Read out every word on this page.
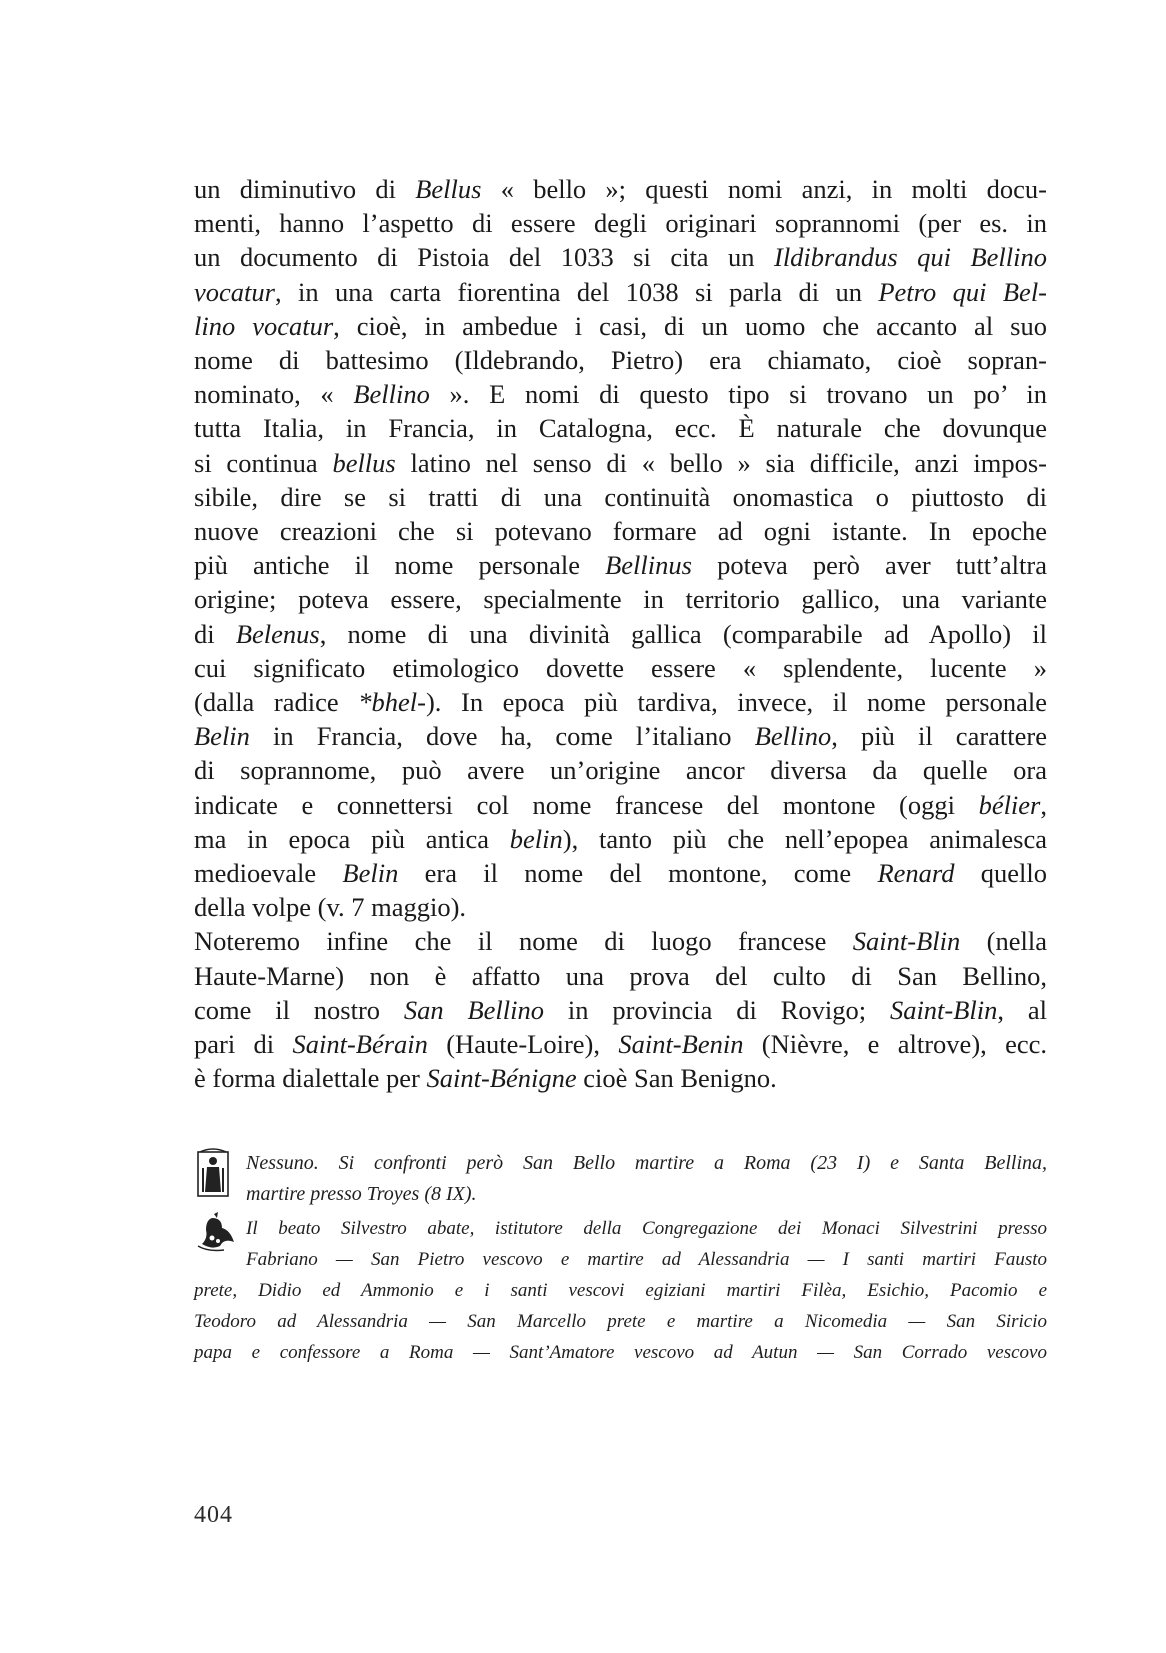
un diminutivo di Bellus « bello »; questi nomi anzi, in molti docu-
menti, hanno l’aspetto di essere degli originari soprannomi (per es. in
un documento di Pistoia del 1033 si cita un Ildibrandus qui Bellino
vocatur, in una carta fiorentina del 1038 si parla di un Petro qui Bel-
lino vocatur, cioè, in ambedue i casi, di un uomo che accanto al suo
nome di battesimo (Ildebrando, Pietro) era chiamato, cioè sopran-
nominato, « Bellino ». E nomi di questo tipo si trovano un po’ in
tutta Italia, in Francia, in Catalogna, ecc. È naturale che dovunque
si continua bellus latino nel senso di « bello » sia difficile, anzi impos-
sibile, dire se si tratti di una continuità onomastica o piuttosto di
nuove creazioni che si potevano formare ad ogni istante. In epoche
più antiche il nome personale Bellinus poteva però aver tutt’altra
origine; poteva essere, specialmente in territorio gallico, una variante
di Belenus, nome di una divinità gallica (comparabile ad Apollo) il
cui significato etimologico dovette essere « splendente, lucente »
(dalla radice *bhel-). In epoca più tardiva, invece, il nome personale
Belin in Francia, dove ha, come l’italiano Bellino, più il carattere
di soprannome, può avere un’origine ancor diversa da quelle ora
indicate e connettersi col nome francese del montone (oggi bélier,
ma in epoca più antica belin), tanto più che nell’epopea animalesca
medioevale Belin era il nome del montone, come Renard quello
della volpe (v. 7 maggio).

Noteremo infine che il nome di luogo francese Saint-Blin (nella
Haute-Marne) non è affatto una prova del culto di San Bellino,
come il nostro San Bellino in provincia di Rovigo; Saint-Blin, al
pari di Saint-Bérain (Haute-Loire), Saint-Benin (Nièvre, e altrove), ecc.
è forma dialettale per Saint-Bénigne cioè San Benigno.

Nessuno. Si confronti però San Bello martire a Roma (23 I) e Santa Bellina,
martire presso Troyes (8 IX).
Il beato Silvestro abate, istitutore della Congregazione dei Monaci Silvestrini presso
Fabriano — San Pietro vescovo e martire ad Alessandria — I santi martiri Fausto
prete, Didio ed Ammonio e i santi vescovi egiziani martiri Filèa, Esichio, Pacomio e
Teodoro ad Alessandria — San Marcello prete e martire a Nicomedia — San Siricio
papa e confessore a Roma — Sant’Amatore vescovo ad Autun — San Corrado vescovo
404
